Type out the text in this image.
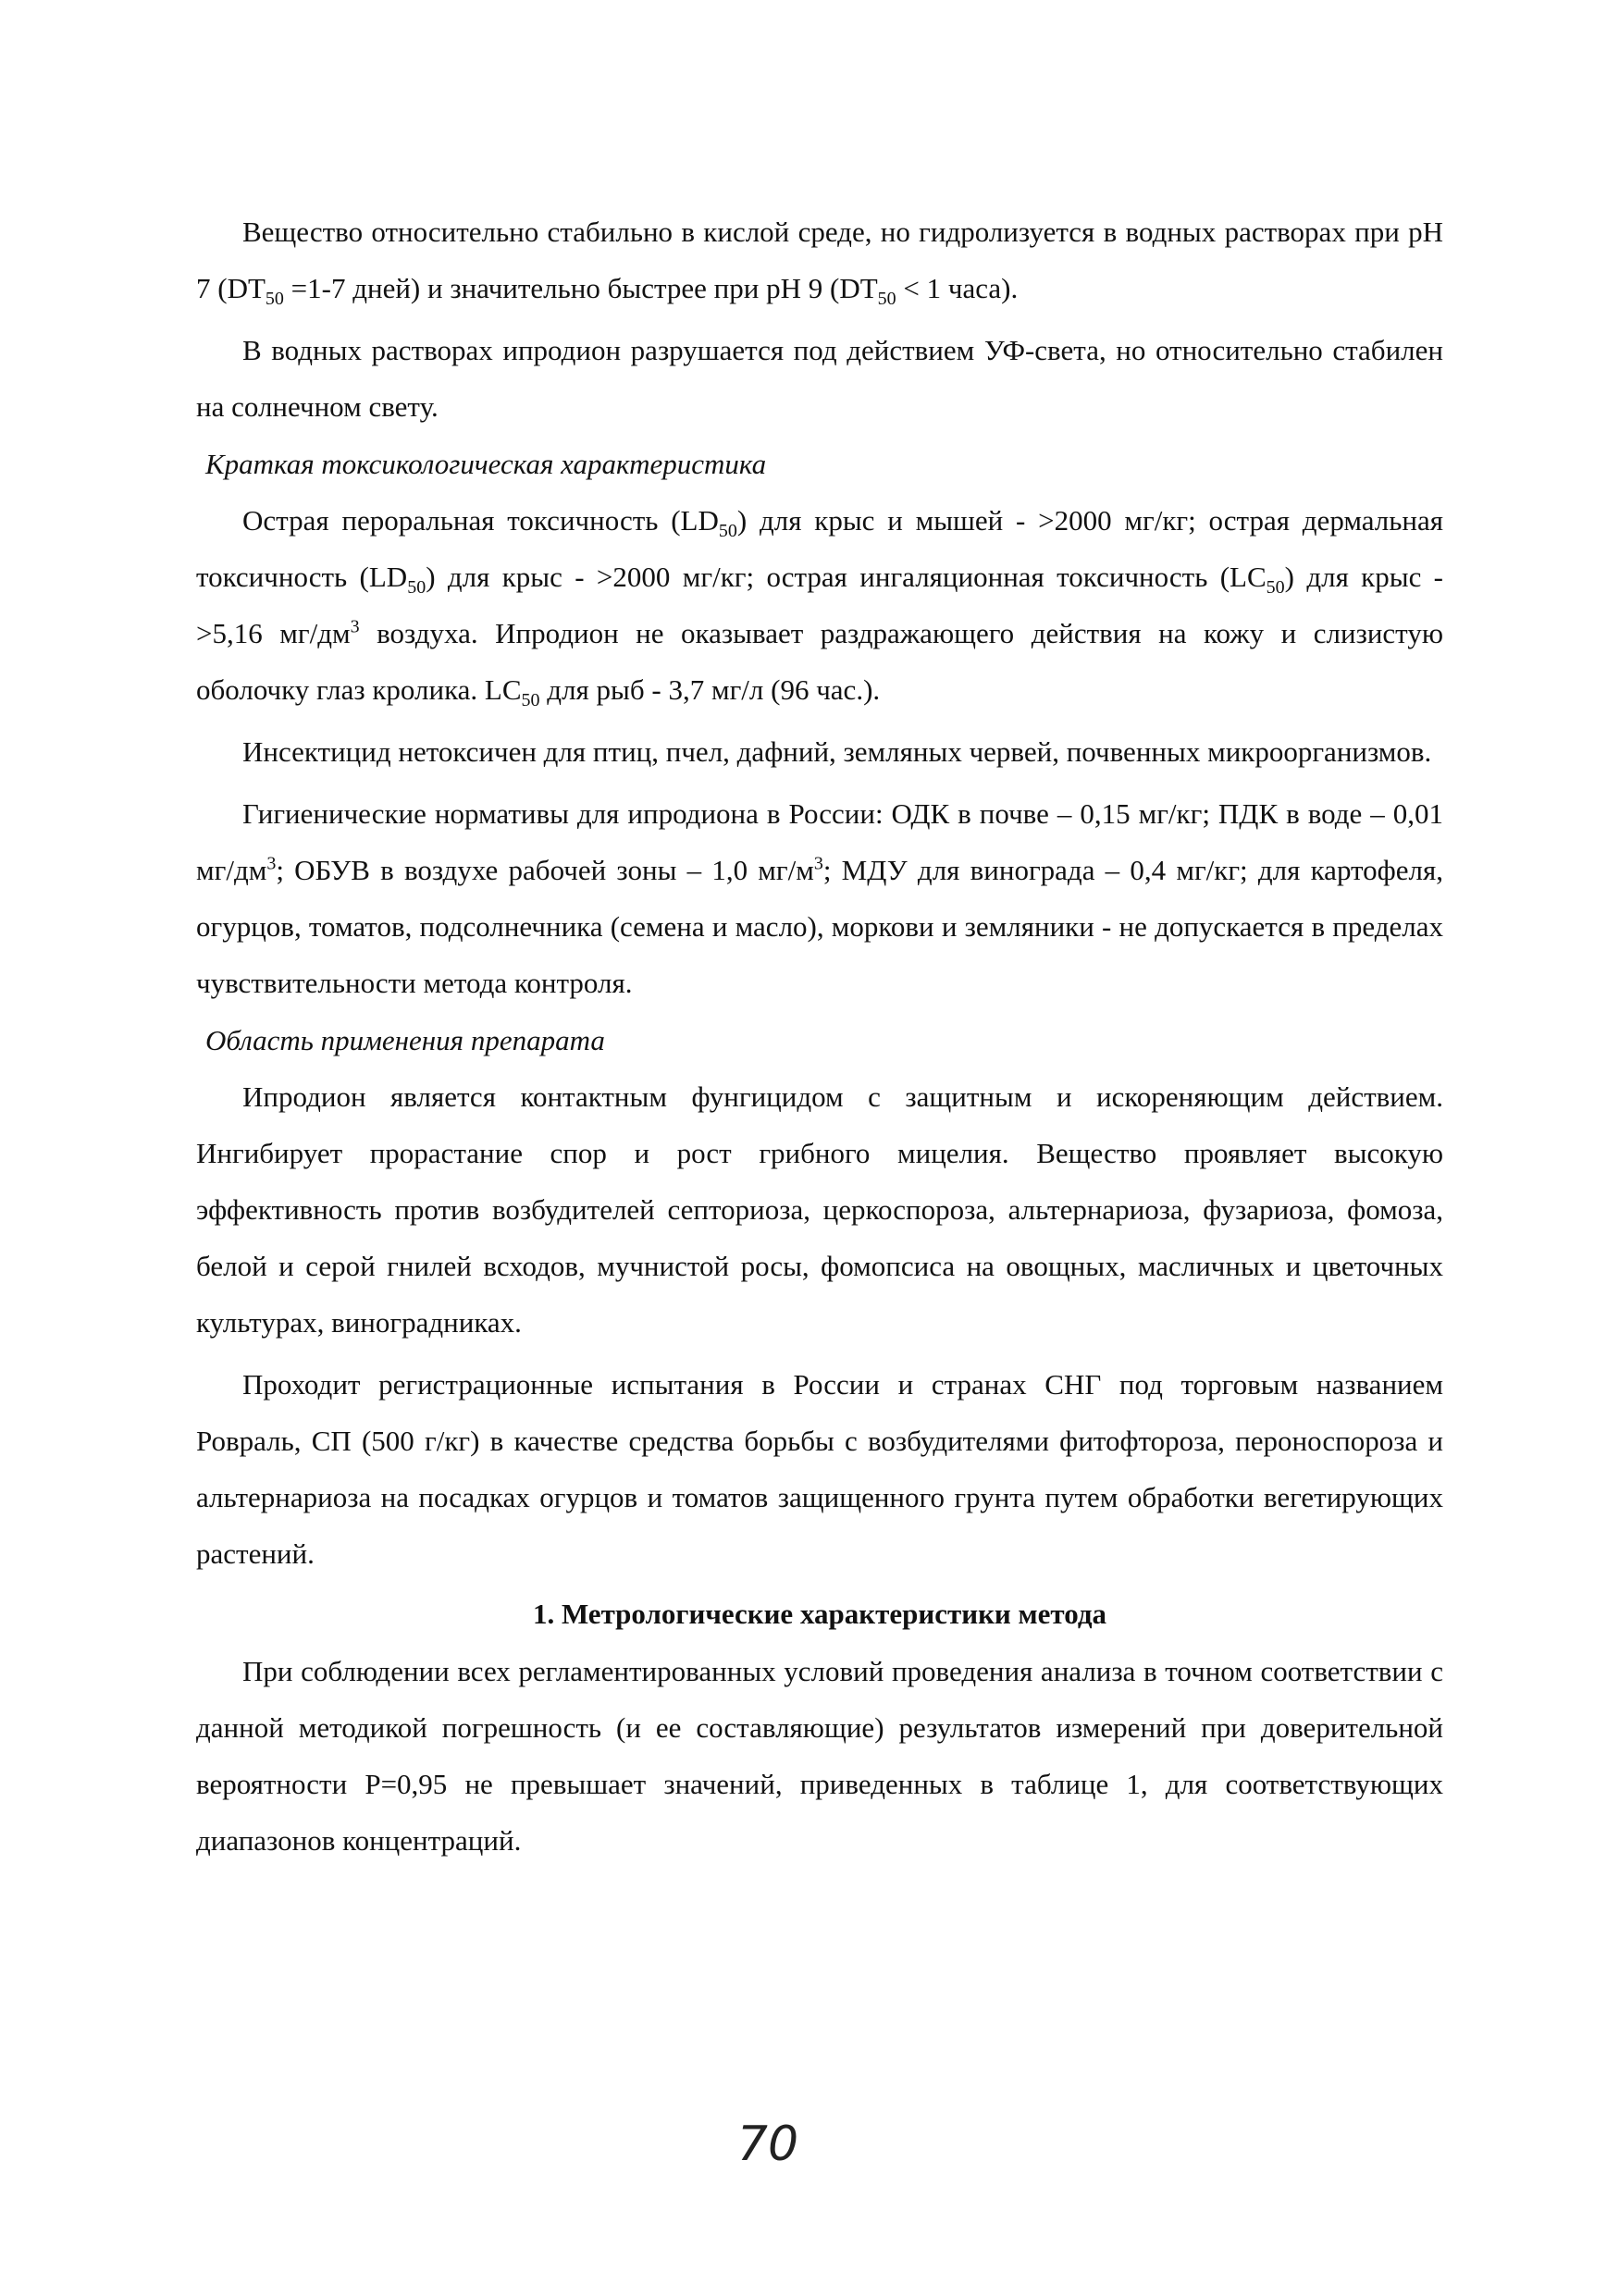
Вещество относительно стабильно в кислой среде, но гидролизуется в водных растворах при pH 7 ($DT_{50} =1-7$ дней) и значительно быстрее при pH 9 ($DT_{50} < 1$ часа).

В водных растворах ипродион разрушается под действием УФ-света, но относительно стабилен на солнечном свету.

Краткая токсикологическая характеристика

Острая пероральная токсичность $(LD_{50})$ для крыс и мышей - >2000 мг/кг; острая дермальная токсичность $(LD_{50})$ для крыс - >2000 мг/кг; острая ингаляционная токсичность $(LC_{50})$ для крыс - >5,16 $мг/дм^3$ воздуха. Ипродион не оказывает раздражающего действия на кожу и слизистую оболочку глаз кролика. $LC_{50}$ для рыб - 3,7 мг/л (96 час.).

Инсектицид нетоксичен для птиц, пчел, дафний, земляных червей, почвенных микроорганизмов.

Гигиенические нормативы для ипродиона в России: ОДК в почве – 0,15 мг/кг; ПДК в воде – 0,01 $мг/дм^3$; ОБУВ в воздухе рабочей зоны – 1,0 $мг/м^3$; МДУ для винограда – 0,4 мг/кг; для картофеля, огурцов, томатов, подсолнечника (семена и масло), моркови и земляники - не допускается в пределах чувствительности метода контроля.

Область применения препарата

Ипродион является контактным фунгицидом с защитным и искореняющим действием. Ингибирует прорастание спор и рост грибного мицелия. Вещество проявляет высокую эффективность против возбудителей септориоза, церкоспороза, альтернариоза, фузариоза, фомоза, белой и серой гнилей всходов, мучнистой росы, фомопсиса на овощных, масличных и цветочных культурах, виноградниках.

Проходит регистрационные испытания в России и странах СНГ под торговым названием Ровраль, СП (500 г/кг) в качестве средства борьбы с возбудителями фитофтороза, пероноспороза и альтернариоза на посадках огурцов и томатов защищенного грунта путем обработки вегетирующих растений.

1. Метрологические характеристики метода

При соблюдении всех регламентированных условий проведения анализа в точном соответствии с данной методикой погрешность (и ее составляющие) результатов измерений при доверительной вероятности P=0,95 не превышает значений, приведенных в таблице 1, для соответствующих диапазонов концентраций.

70
